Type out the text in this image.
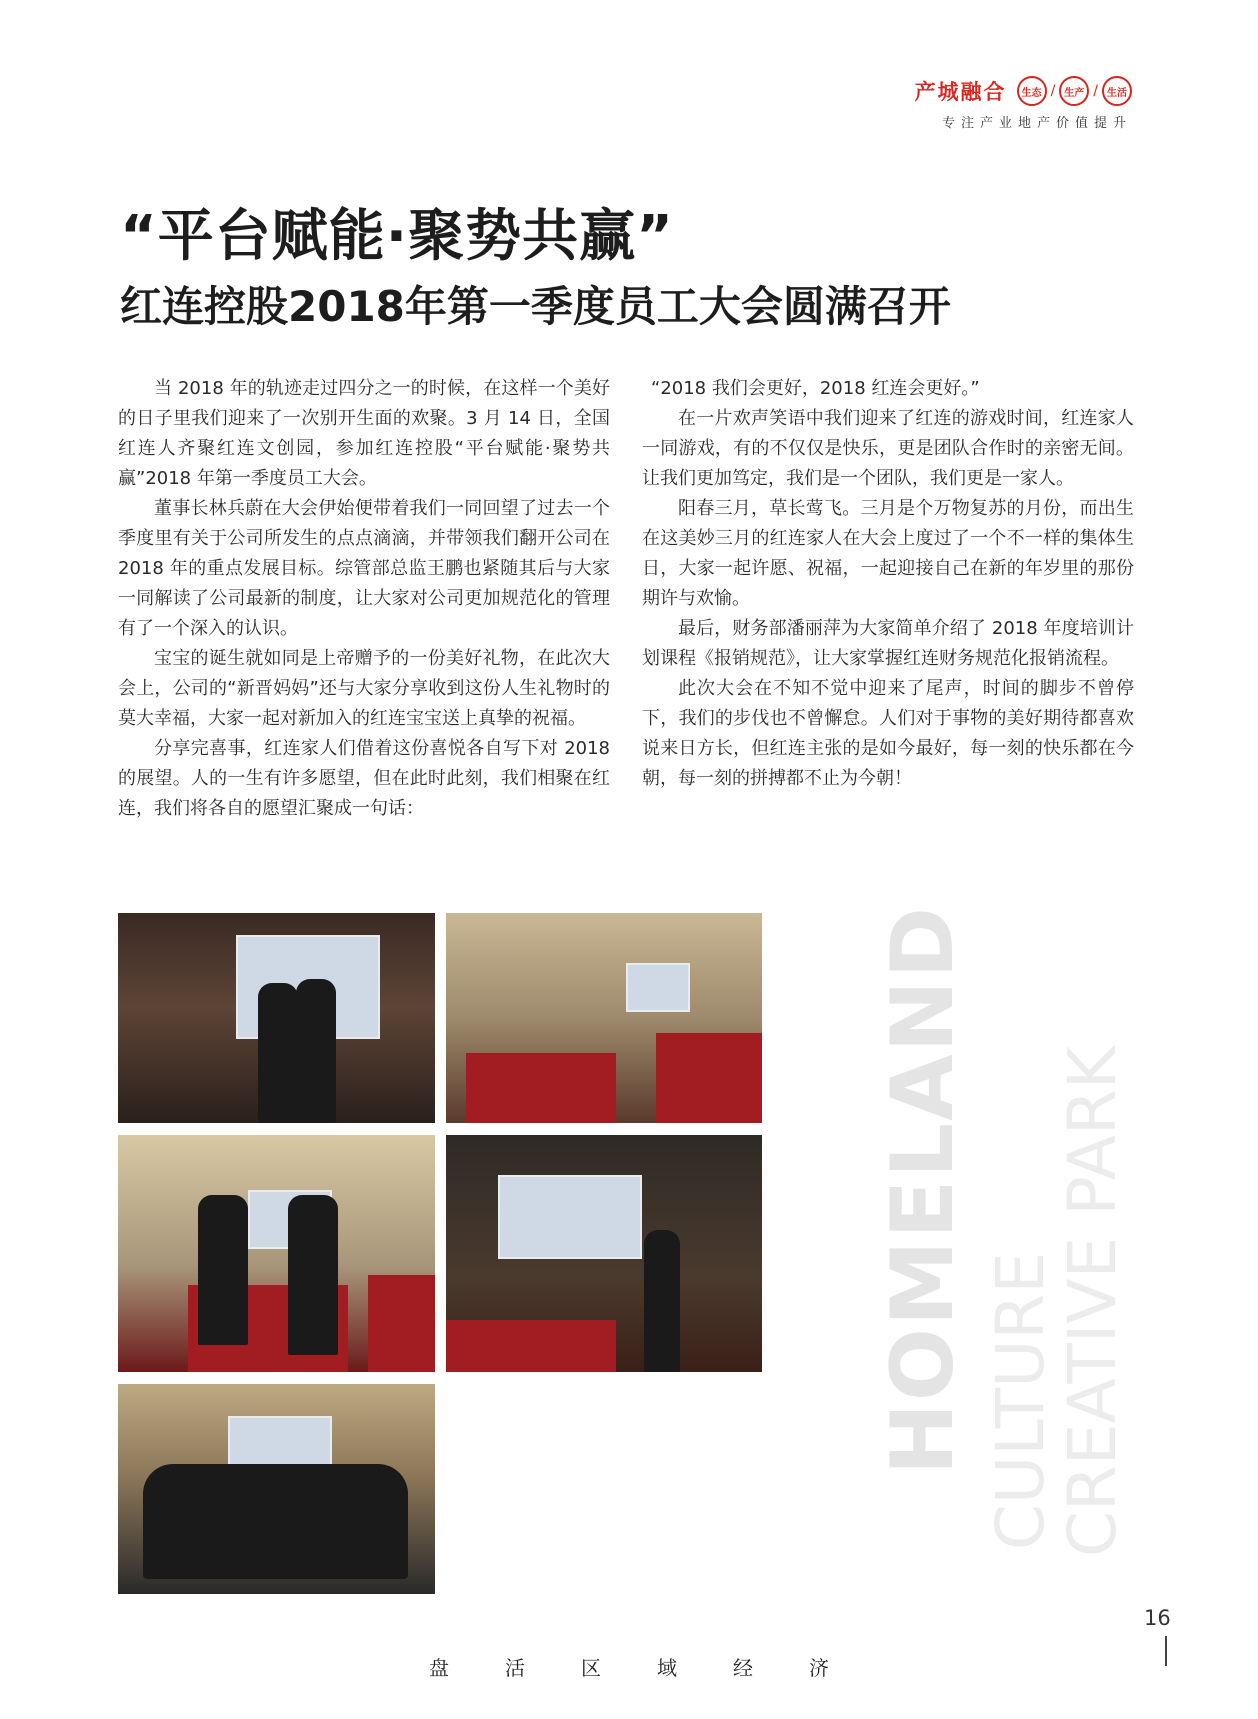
产城融合	生态 / 生产 / 生活
专注产业地产价值提升
“平台赋能·聚势共赢”
红连控股2018年第一季度员工大会圆满召开

当 2018 年的轨迹走过四分之一的时候，在这样一个美好的日子里我们迎来了一次别开生面的欢聚。3 月 14 日，全国红连人齐聚红连文创园，参加红连控股“平台赋能·聚势共赢”2018 年第一季度员工大会。

董事长林兵蔚在大会伊始便带着我们一同回望了过去一个季度里有关于公司所发生的点点滴滴，并带领我们翻开公司在 2018 年的重点发展目标。综管部总监王鹏也紧随其后与大家一同解读了公司最新的制度，让大家对公司更加规范化的管理有了一个深入的认识。

宝宝的诞生就如同是上帝赠予的一份美好礼物，在此次大会上，公司的“新晋妈妈”还与大家分享收到这份人生礼物时的莫大幸福，大家一起对新加入的红连宝宝送上真挚的祝福。

分享完喜事，红连家人们借着这份喜悦各自写下对 2018 的展望。人的一生有许多愿望，但在此时此刻，我们相聚在红连，我们将各自的愿望汇聚成一句话：

“2018 我们会更好，2018 红连会更好。”

在一片欢声笑语中我们迎来了红连的游戏时间，红连家人一同游戏，有的不仅仅是快乐，更是团队合作时的亲密无间。让我们更加笃定，我们是一个团队，我们更是一家人。

阳春三月，草长莺飞。三月是个万物复苏的月份，而出生在这美妙三月的红连家人在大会上度过了一个不一样的集体生日，大家一起许愿、祝福，一起迎接自己在新的年岁里的那份期许与欢愉。

最后，财务部潘丽萍为大家简单介绍了 2018 年度培训计划课程《报销规范》，让大家掌握红连财务规范化报销流程。

此次大会在不知不觉中迎来了尾声，时间的脚步不曾停下，我们的步伐也不曾懈怠。人们对于事物的美好期待都喜欢说来日方长，但红连主张的是如今最好，每一刻的快乐都在今朝，每一刻的拼搏都不止为今朝！

HOMELAND CULTURE
CREATIVE PARK
16
盘活区域经济
